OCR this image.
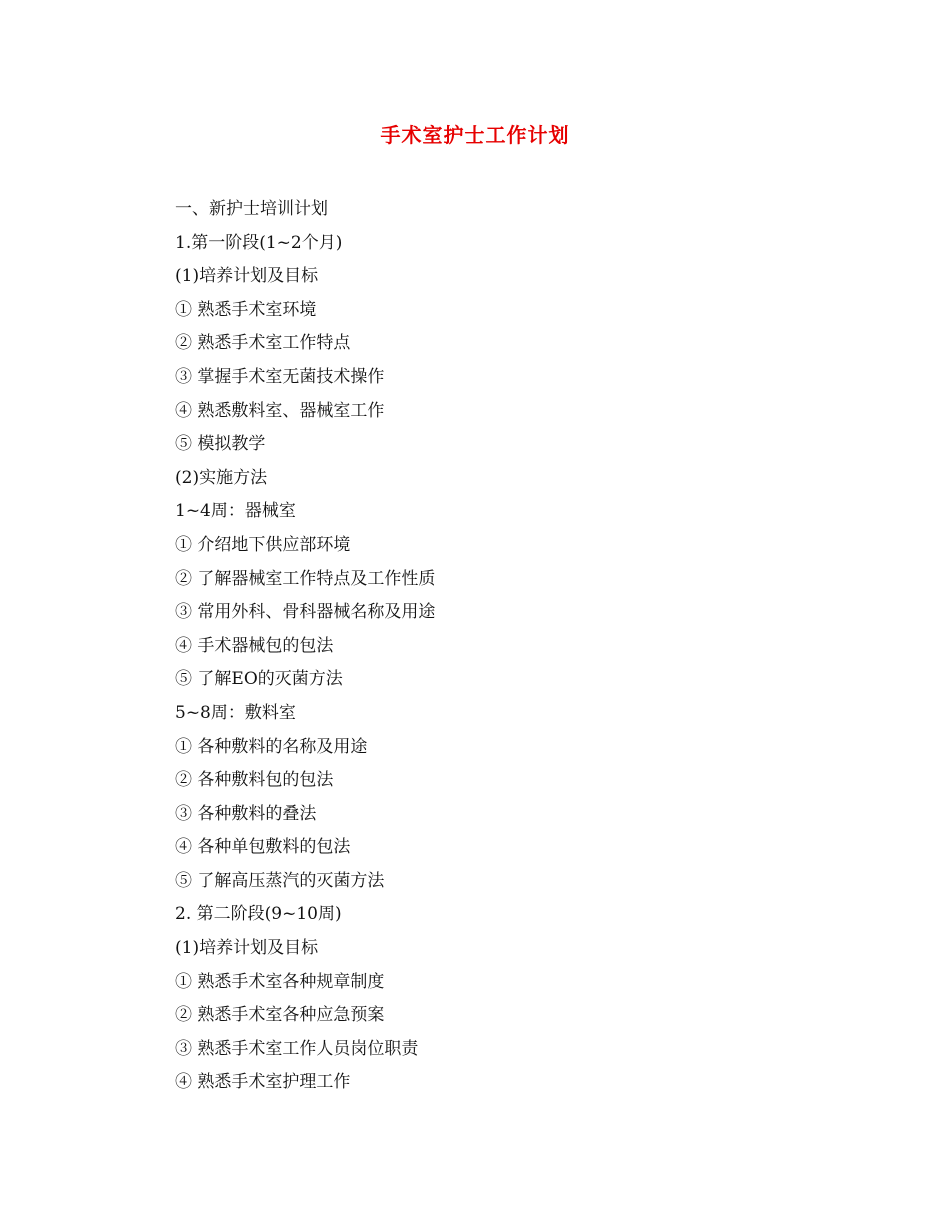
手术室护士工作计划
一、新护士培训计划
1.第一阶段(1~2个月)
(1)培养计划及目标
① 熟悉手术室环境
② 熟悉手术室工作特点
③ 掌握手术室无菌技术操作
④ 熟悉敷料室、器械室工作
⑤ 模拟教学
(2)实施方法
1~4周：器械室
① 介绍地下供应部环境
② 了解器械室工作特点及工作性质
③ 常用外科、骨科器械名称及用途
④ 手术器械包的包法
⑤ 了解EO的灭菌方法
5~8周：敷料室
① 各种敷料的名称及用途
② 各种敷料包的包法
③ 各种敷料的叠法
④ 各种单包敷料的包法
⑤ 了解高压蒸汽的灭菌方法
2. 第二阶段(9~10周)
(1)培养计划及目标
① 熟悉手术室各种规章制度
② 熟悉手术室各种应急预案
③ 熟悉手术室工作人员岗位职责
④ 熟悉手术室护理工作
